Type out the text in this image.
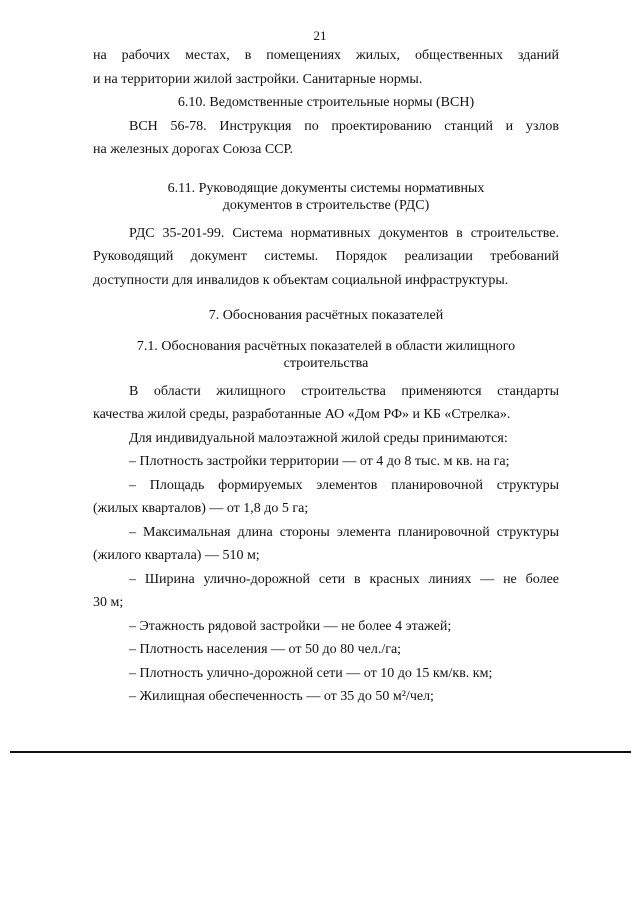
21

на рабочих местах, в помещениях жилых, общественных зданий

и на территории жилой застройки. Санитарные нормы.

6.10. Ведомственные строительные нормы (ВСН)

ВСН 56-78. Инструкция по проектированию станций и узлов

на железных дорогах Союза ССР.

6.11. Руководящие документы системы нормативных

документов в строительстве (РДС)

РДС 35-201-99. Система нормативных документов в строительстве.

Руководящий документ системы. Порядок реализации требований

доступности для инвалидов к объектам социальной инфраструктуры.

7. Обоснования расчётных показателей

7.1. Обоснования расчётных показателей в области жилищного

строительства

В области жилищного строительства применяются стандарты

качества жилой среды, разработанные АО «Дом РФ» и КБ «Стрелка».

Для индивидуальной малоэтажной жилой среды принимаются:

– Плотность застройки территории — от 4 до 8 тыс. м кв. на га;

– Площадь формируемых элементов планировочной структуры

(жилых кварталов) — от 1,8 до 5 га;

– Максимальная длина стороны элемента планировочной структуры

(жилого квартала) — 510 м;

– Ширина улично-дорожной сети в красных линиях — не более

30 м;

– Этажность рядовой застройки –– не более 4 этажей;

– Плотность населения — от 50 до 80 чел./га;

– Плотность улично-дорожной сети — от 10 до 15 км/кв. км;

– Жилищная обеспеченность — от 35 до 50 м²/чел;
